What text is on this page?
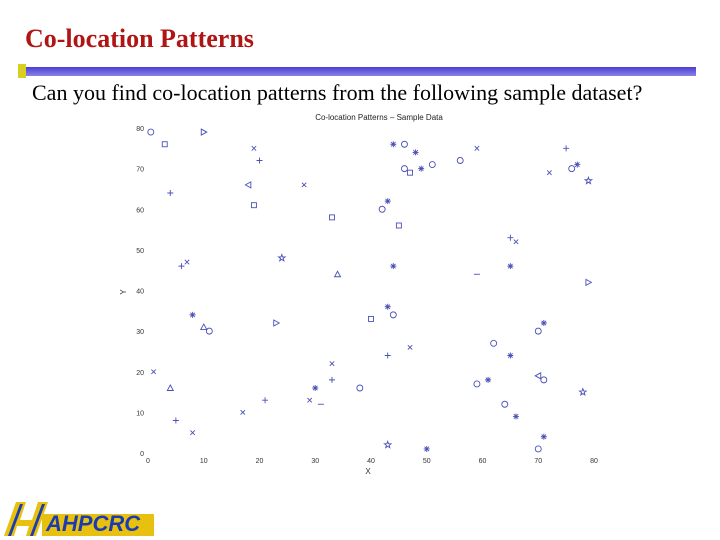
Co-location Patterns
Can you find co-location patterns from the following sample dataset?
Co-location Patterns – Sample Data
0
10
20
30
40
50
60
70
80
0	10	20	30	40	50	60	70	80
X
Y
AHPCRC
